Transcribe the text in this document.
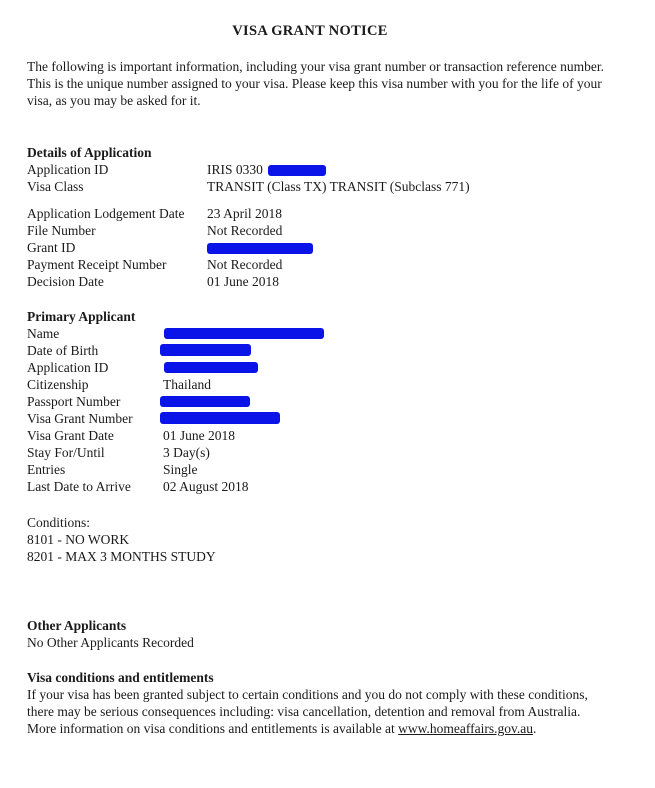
VISA GRANT NOTICE
The following is important information, including your visa grant number or transaction reference number. This is the unique number assigned to your visa. Please keep this visa number with you for the life of your visa, as you may be asked for it.
Details of Application
Application ID	IRIS 0330
Visa Class	TRANSIT (Class TX) TRANSIT (Subclass 771)
Application Lodgement Date 23 April 2018
File Number	Not Recorded
Grant ID
Payment Receipt Number	Not Recorded
Decision Date	01 June 2018
Primary Applicant
Name
Date of Birth
Application ID
Citizenship	Thailand
Passport Number
Visa Grant Number
Visa Grant Date	01 June 2018
Stay For/Until	3 Day(s)
Entries	Single
Last Date to Arrive 02 August 2018
Conditions:
8101 - NO WORK
8201 - MAX 3 MONTHS STUDY
Other Applicants
No Other Applicants Recorded
Visa conditions and entitlements
If your visa has been granted subject to certain conditions and you do not comply with these conditions, there may be serious consequences including: visa cancellation, detention and removal from Australia. More information on visa conditions and entitlements is available at www.homeaffairs.gov.au.
